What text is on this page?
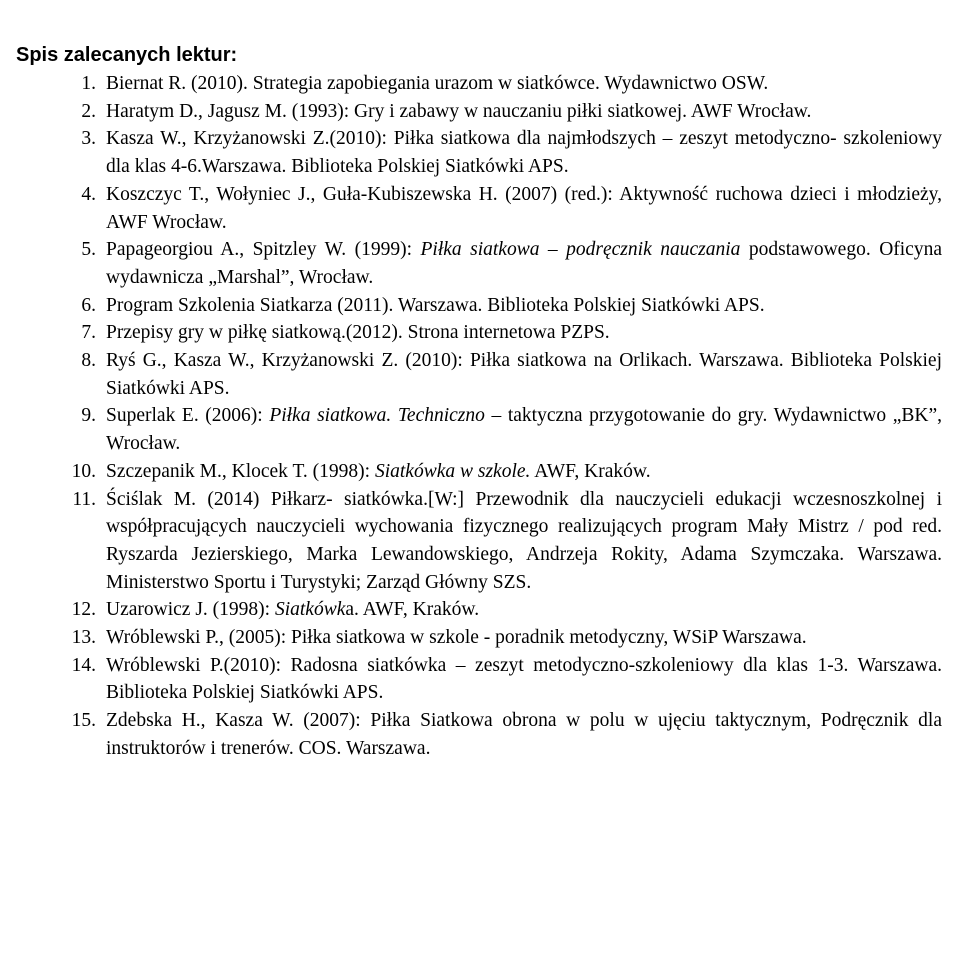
Spis zalecanych lektur:
1. Biernat R. (2010). Strategia zapobiegania urazom w siatkówce. Wydawnictwo OSW.
2. Haratym D., Jagusz M. (1993): Gry i zabawy w nauczaniu piłki siatkowej. AWF Wrocław.
3. Kasza W., Krzyżanowski Z.(2010): Piłka siatkowa dla najmłodszych – zeszyt metodyczno- szkoleniowy dla klas 4-6.Warszawa. Biblioteka Polskiej Siatkówki APS.
4. Koszczyc T., Wołyniec J., Guła-Kubiszewska H. (2007) (red.): Aktywność ruchowa dzieci i młodzieży, AWF Wrocław.
5. Papageorgiou A., Spitzley W. (1999): Piłka siatkowa – podręcznik nauczania podstawowego. Oficyna wydawnicza „Marshal”, Wrocław.
6. Program Szkolenia Siatkarza (2011). Warszawa. Biblioteka Polskiej Siatkówki APS.
7. Przepisy gry w piłkę siatkową.(2012). Strona internetowa PZPS.
8. Ryś G., Kasza W., Krzyżanowski Z. (2010): Piłka siatkowa na Orlikach. Warszawa. Biblioteka Polskiej Siatkówki APS.
9. Superlak E. (2006): Piłka siatkowa. Techniczno – taktyczna przygotowanie do gry. Wydawnictwo „BK”, Wrocław.
10. Szczepanik M., Klocek T. (1998): Siatkówka w szkole. AWF, Kraków.
11. Ściślak M. (2014) Piłkarz- siatkówka.[W:] Przewodnik dla nauczycieli edukacji wczesnoszkolnej i współpracujących nauczycieli wychowania fizycznego realizujących program Mały Mistrz / pod red. Ryszarda Jezierskiego, Marka Lewandowskiego, Andrzeja Rokity, Adama Szymczaka. Warszawa. Ministerstwo Sportu i Turystyki; Zarząd Główny SZS.
12. Uzarowicz J. (1998): Siatkówka. AWF, Kraków.
13. Wróblewski P., (2005): Piłka siatkowa w szkole - poradnik metodyczny, WSiP Warszawa.
14. Wróblewski P.(2010): Radosna siatkówka – zeszyt metodyczno-szkoleniowy dla klas 1-3. Warszawa. Biblioteka Polskiej Siatkówki APS.
15. Zdebska H., Kasza W. (2007): Piłka Siatkowa obrona w polu w ujęciu taktycznym, Podręcznik dla instruktorów i trenerów. COS. Warszawa.
